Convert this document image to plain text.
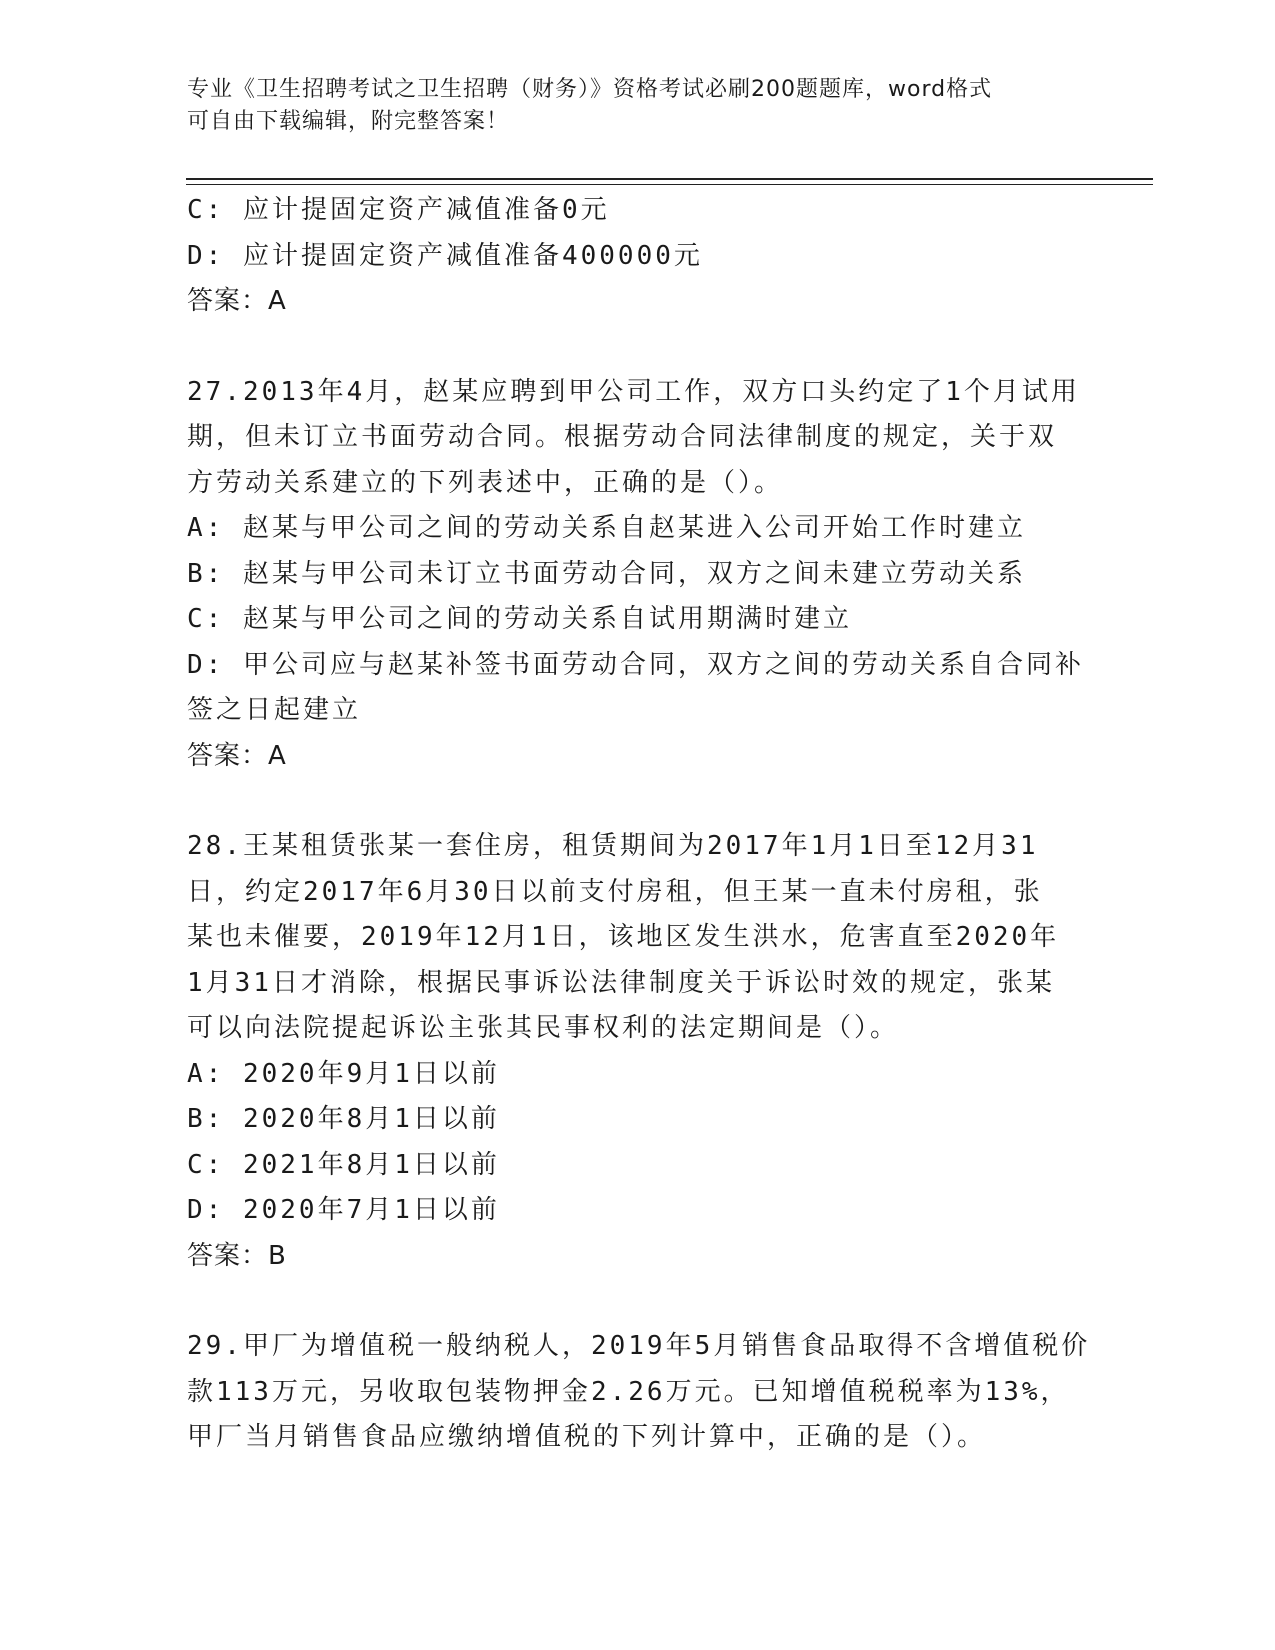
专业《卫生招聘考试之卫生招聘（财务）》资格考试必刷200题题库，word格式
可自由下载编辑，附完整答案！
C: 应计提固定资产减值准备0元
D: 应计提固定资产减值准备400000元
答案：A
27.2013年4月，赵某应聘到甲公司工作，双方口头约定了1个月试用
期，但未订立书面劳动合同。根据劳动合同法律制度的规定，关于双
方劳动关系建立的下列表述中，正确的是（）。
A: 赵某与甲公司之间的劳动关系自赵某进入公司开始工作时建立
B: 赵某与甲公司未订立书面劳动合同，双方之间未建立劳动关系
C: 赵某与甲公司之间的劳动关系自试用期满时建立
D: 甲公司应与赵某补签书面劳动合同，双方之间的劳动关系自合同补
签之日起建立
答案：A
28.王某租赁张某一套住房，租赁期间为2017年1月1日至12月31
日，约定2017年6月30日以前支付房租，但王某一直未付房租，张
某也未催要，2019年12月1日，该地区发生洪水，危害直至2020年
1月31日才消除，根据民事诉讼法律制度关于诉讼时效的规定，张某
可以向法院提起诉讼主张其民事权利的法定期间是（）。
A: 2020年9月1日以前
B: 2020年8月1日以前
C: 2021年8月1日以前
D: 2020年7月1日以前
答案：B
29.甲厂为增值税一般纳税人，2019年5月销售食品取得不含增值税价
款113万元，另收取包装物押金2.26万元。已知增值税税率为13%，
甲厂当月销售食品应缴纳增值税的下列计算中，正确的是（）。
